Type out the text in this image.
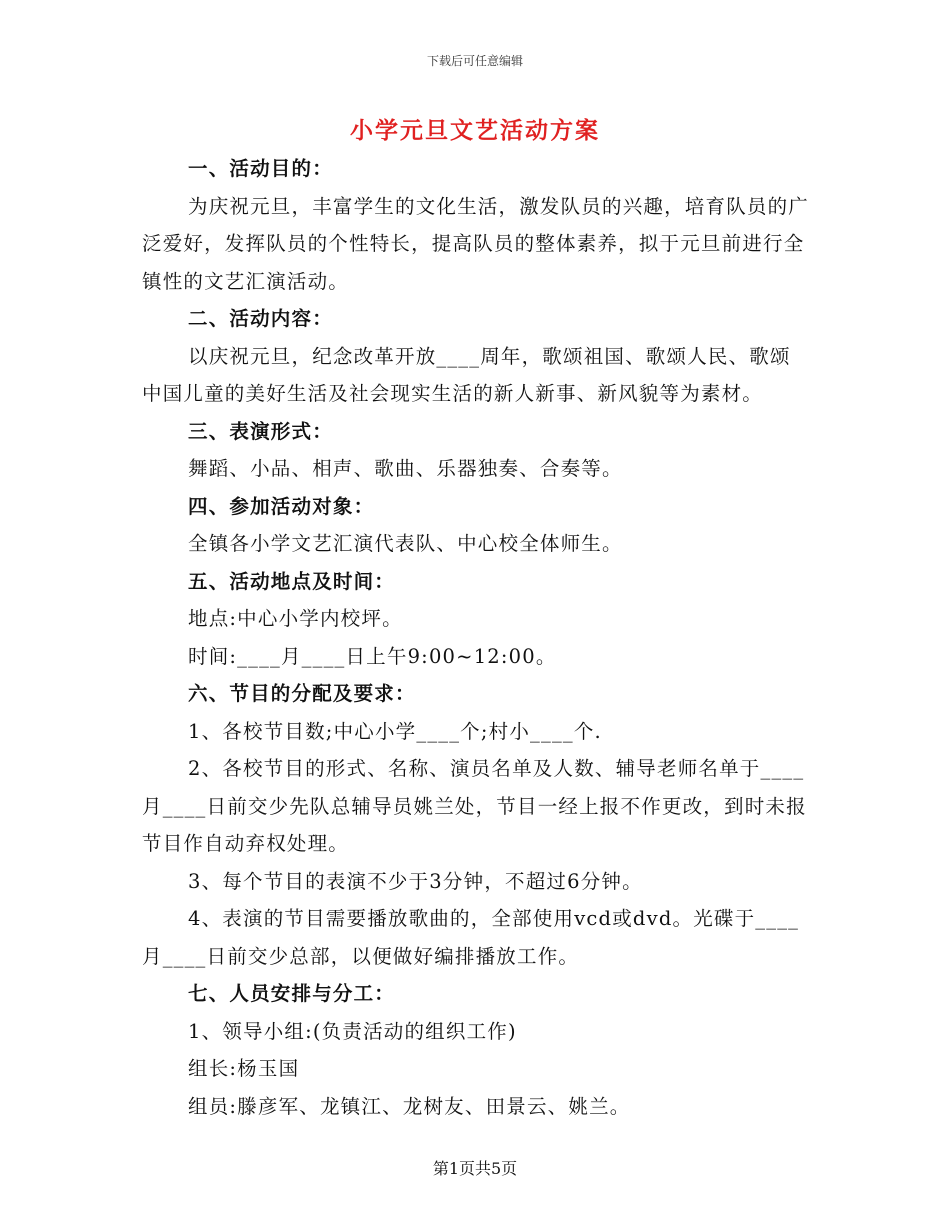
下载后可任意编辑
小学元旦文艺活动方案

一、活动目的：

为庆祝元旦，丰富学生的文化生活，激发队员的兴趣，培育队员的广泛爱好，发挥队员的个性特长，提高队员的整体素养，拟于元旦前进行全镇性的文艺汇演活动。

二、活动内容：

以庆祝元旦，纪念改革开放____周年，歌颂祖国、歌颂人民、歌颂中国儿童的美好生活及社会现实生活的新人新事、新风貌等为素材。

三、表演形式：

舞蹈、小品、相声、歌曲、乐器独奏、合奏等。

四、参加活动对象：

全镇各小学文艺汇演代表队、中心校全体师生。

五、活动地点及时间：

地点:中心小学内校坪。

时间:____月____日上午9:00~12:00。

六、节目的分配及要求：

1、各校节目数;中心小学____个;村小____个.

2、各校节目的形式、名称、演员名单及人数、辅导老师名单于____月____日前交少先队总辅导员姚兰处，节目一经上报不作更改，到时未报节目作自动弃权处理。

3、每个节目的表演不少于3分钟，不超过6分钟。

4、表演的节目需要播放歌曲的，全部使用vcd或dvd。光碟于____月____日前交少总部，以便做好编排播放工作。

七、人员安排与分工：

1、领导小组:(负责活动的组织工作)

组长:杨玉国

组员:滕彦军、龙镇江、龙树友、田景云、姚兰。

第1页共5页
